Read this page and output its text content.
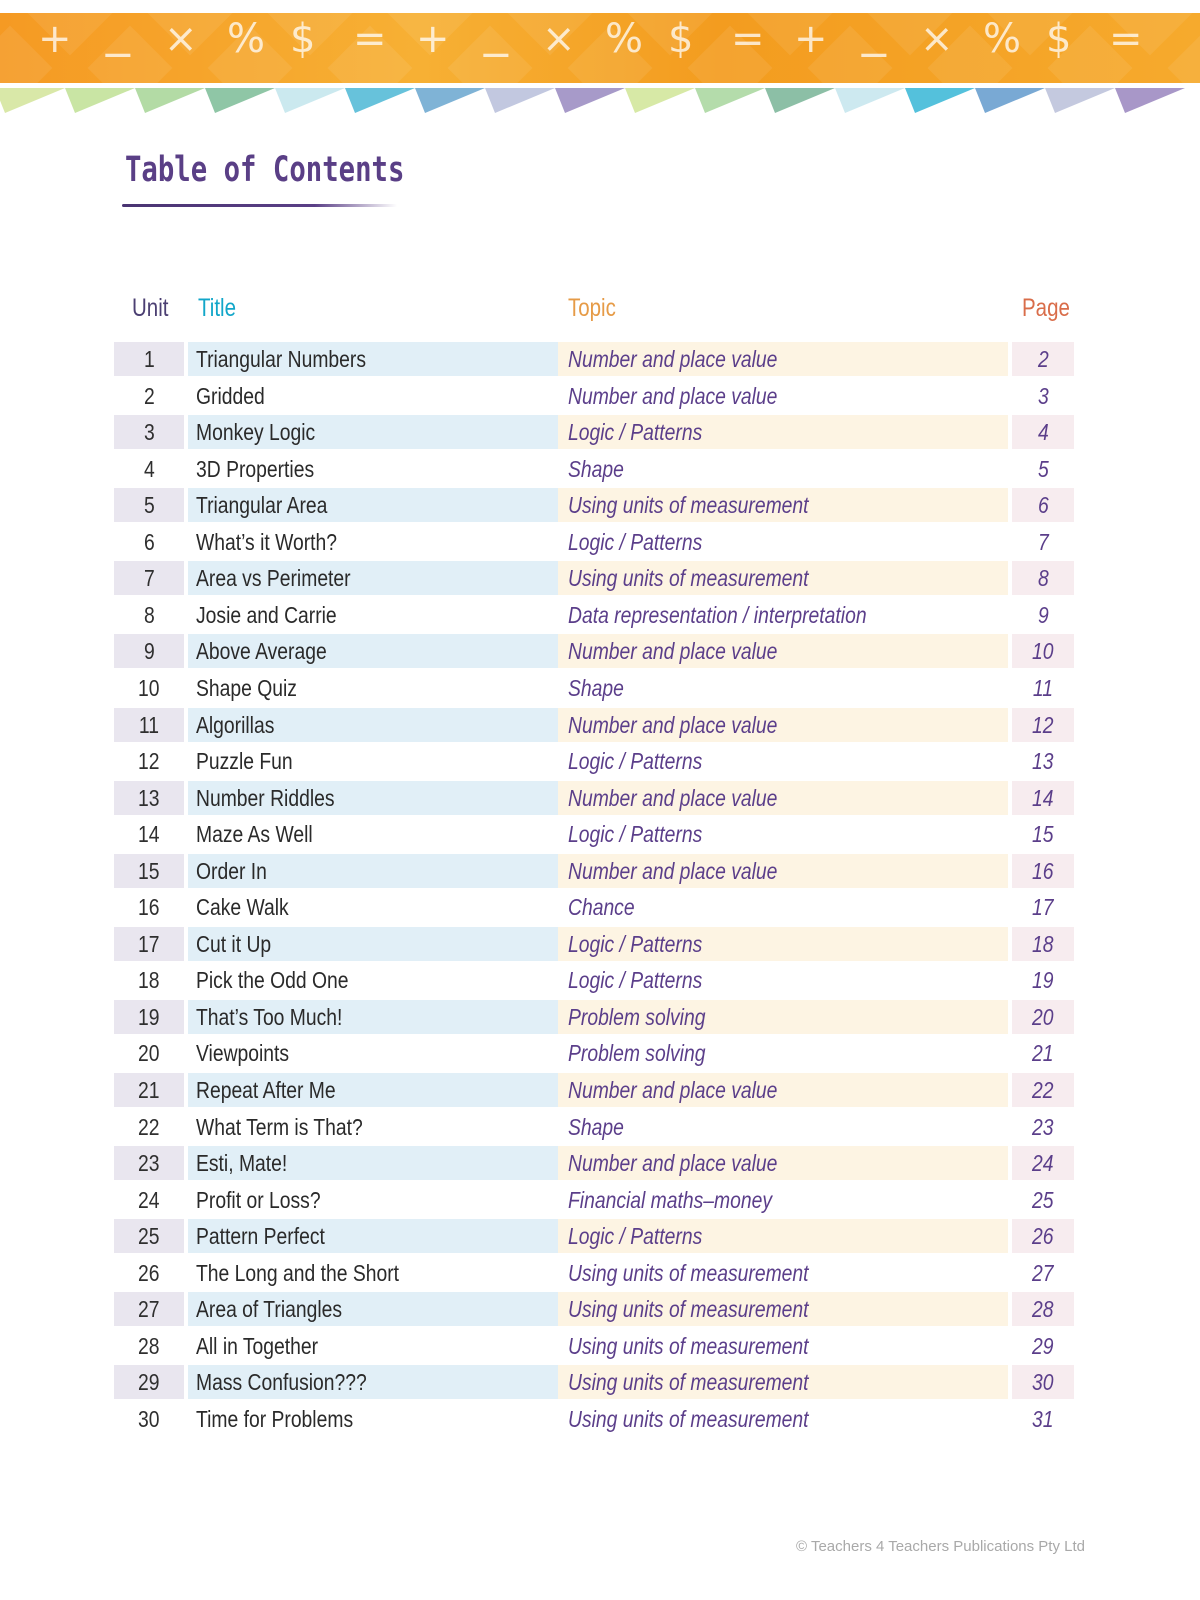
+ − × % $ = + − × % $ = + − × % $ =
Table of Contents
Unit Title	Topic	Page
1	Triangular Numbers	Number and place value	2
2	Gridded	Number and place value	3
3	Monkey Logic	Logic / Patterns	4
4	3D Properties	Shape	5
5	Triangular Area	Using units of measurement	6
6	What’s it Worth?	Logic / Patterns	7
7	Area vs Perimeter	Using units of measurement	8
8	Josie and Carrie	Data representation / interpretation	9
9	Above Average	Number and place value	10
10	Shape Quiz	Shape	11
11	Algorillas	Number and place value	12
12	Puzzle Fun	Logic / Patterns	13
13	Number Riddles	Number and place value	14
14	Maze As Well	Logic / Patterns	15
15	Order In	Number and place value	16
16	Cake Walk	Chance	17
17	Cut it Up	Logic / Patterns	18
18	Pick the Odd One	Logic / Patterns	19
19	That’s Too Much!	Problem solving	20
20	Viewpoints	Problem solving	21
21	Repeat After Me	Number and place value	22
22	What Term is That?	Shape	23
23	Esti, Mate!	Number and place value	24
24	Profit or Loss?	Financial maths–money	25
25	Pattern Perfect	Logic / Patterns	26
26	The Long and the Short	Using units of measurement	27
27	Area of Triangles	Using units of measurement	28
28	All in Together	Using units of measurement	29
29	Mass Confusion???	Using units of measurement	30
30	Time for Problems	Using units of measurement	31
© Teachers 4 Teachers Publications Pty Ltd
